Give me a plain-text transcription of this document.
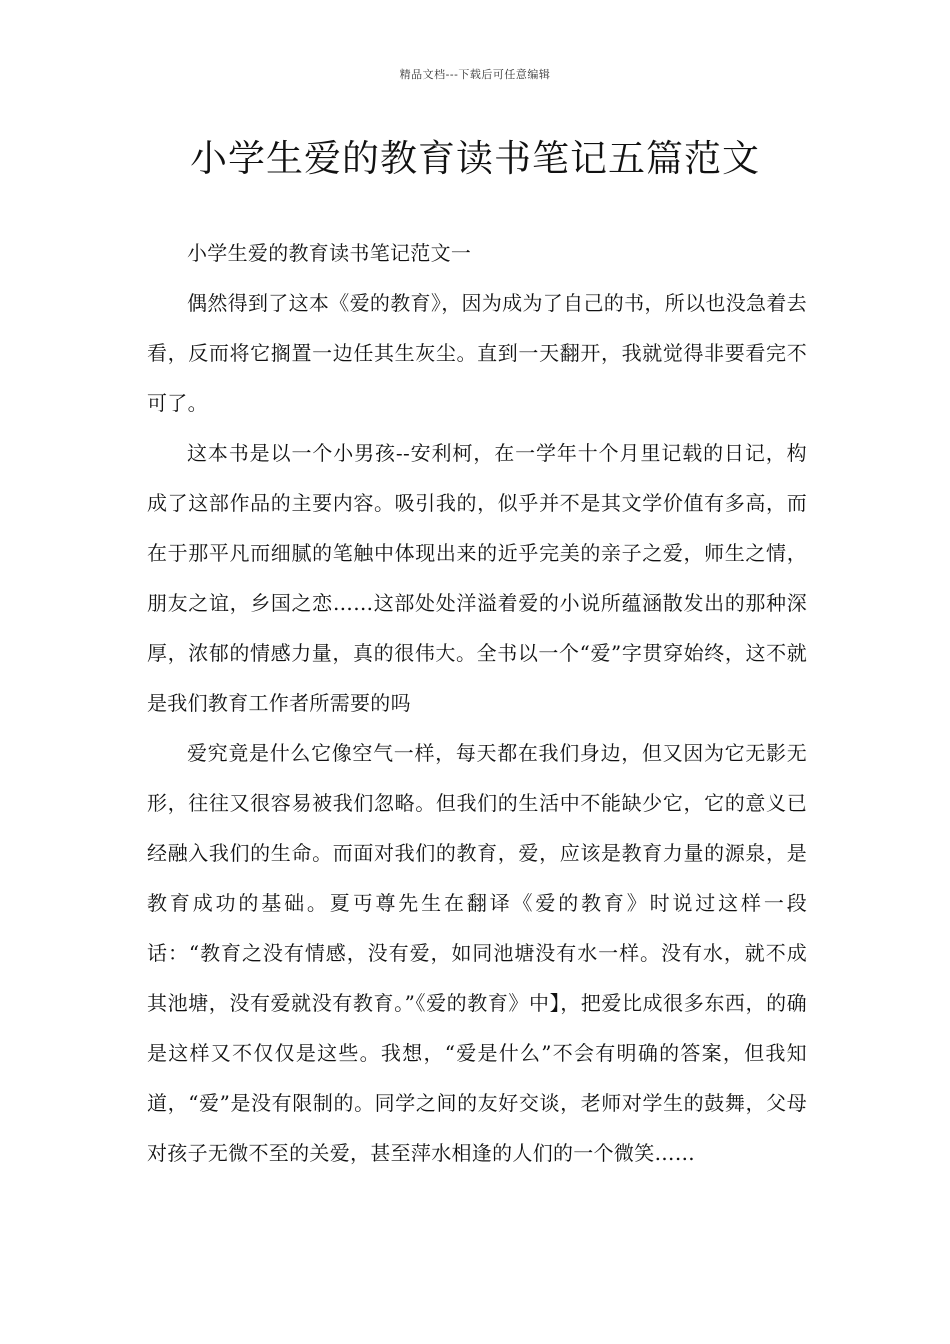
精品文档---下载后可任意编辑
小学生爱的教育读书笔记五篇范文

小学生爱的教育读书笔记范文一

偶然得到了这本《爱的教育》，因为成为了自己的书，所以也没急着去看，反而将它搁置一边任其生灰尘。直到一天翻开，我就觉得非要看完不可了。

这本书是以一个小男孩--安利柯，在一学年十个月里记载的日记，构成了这部作品的主要内容。吸引我的，似乎并不是其文学价值有多高，而在于那平凡而细腻的笔触中体现出来的近乎完美的亲子之爱，师生之情，朋友之谊，乡国之恋……这部处处洋溢着爱的小说所蕴涵散发出的那种深厚，浓郁的情感力量，真的很伟大。全书以一个“爱”字贯穿始终，这不就是我们教育工作者所需要的吗

爱究竟是什么它像空气一样，每天都在我们身边，但又因为它无影无形，往往又很容易被我们忽略。但我们的生活中不能缺少它，它的意义已经融入我们的生命。而面对我们的教育，爱，应该是教育力量的源泉，是教育成功的基础。夏丏尊先生在翻译《爱的教育》时说过这样一段话：“教育之没有情感，没有爱，如同池塘没有水一样。没有水，就不成其池塘，没有爱就没有教育。”《爱的教育》中】，把爱比成很多东西，的确是这样又不仅仅是这些。我想，“爱是什么”不会有明确的答案，但我知道，“爱”是没有限制的。同学之间的友好交谈，老师对学生的鼓舞，父母对孩子无微不至的关爱，甚至萍水相逢的人们的一个微笑……
